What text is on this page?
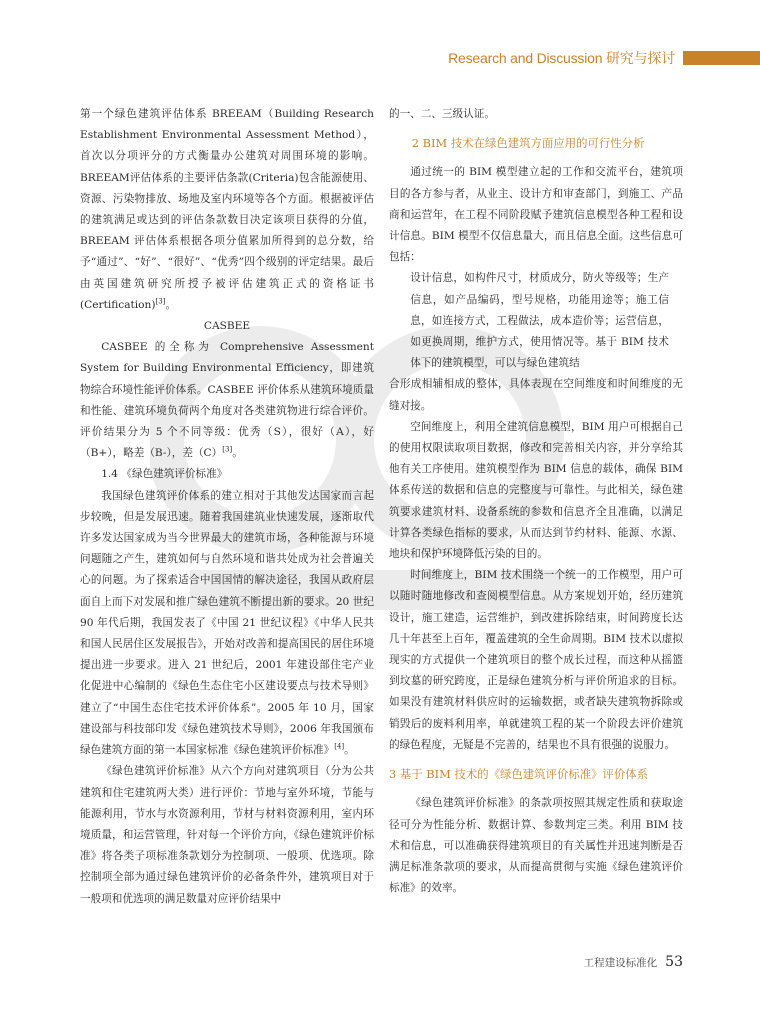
Research and Discussion 研究与探讨

第一个绿色建筑评估体系 BREEAM（Building Research Establishment Environmental Assessment Method），首次以分项评分的方式衡量办公建筑对周围环境的影响。BREEAM评估体系的主要评估条款(Criteria)包含能源使用、资源、污染物排放、场地及室内环境等各个方面。根据被评估的建筑满足或达到的评估条款数目决定该项目获得的分值，BREEAM 评估体系根据各项分值累加所得到的总分数，给予“通过”、“好”、“很好”、“优秀”四个级别的评定结果。最后由英国建筑研究所授予被评估建筑正式的资格证书(Certification)[3]。

CASBEE

CASBEE 的全称为 Comprehensive Assessment System for Building Environmental Efficiency，即建筑物综合环境性能评价体系。CASBEE 评价体系从建筑环境质量和性能、建筑环境负荷两个角度对各类建筑物进行综合评价。评价结果分为 5 个不同等级：优秀（S），很好（A），好（B+），略差（B-），差（C）[3]。

1.4 《绿色建筑评价标准》

我国绿色建筑评价体系的建立相对于其他发达国家而言起步较晚，但是发展迅速。随着我国建筑业快速发展，逐渐取代许多发达国家成为当今世界最大的建筑市场，各种能源与环境问题随之产生，建筑如何与自然环境和谐共处成为社会普遍关心的问题。为了探索适合中国国情的解决途径，我国从政府层面自上而下对发展和推广绿色建筑不断提出新的要求。20 世纪 90 年代后期，我国发表了《中国 21 世纪议程》《中华人民共和国人民居住区发展报告》，开始对改善和提高国民的居住环境提出进一步要求。进入 21 世纪后，2001 年建设部住宅产业化促进中心编制的《绿色生态住宅小区建设要点与技术导则》建立了“中国生态住宅技术评价体系”。2005 年 10 月，国家建设部与科技部印发《绿色建筑技术导则》，2006 年我国颁布绿色建筑方面的第一本国家标准《绿色建筑评价标准》[4]。

《绿色建筑评价标准》从六个方向对建筑项目（分为公共建筑和住宅建筑两大类）进行评价：节地与室外环境，节能与能源利用，节水与水资源利用，节材与材料资源利用，室内环境质量，和运营管理，针对每一个评价方向，《绿色建筑评价标准》将各类子项标准条款划分为控制项、一般项、优选项。除控制项全部为通过绿色建筑评价的必备条件外，建筑项目对于一般项和优选项的满足数量对应评价结果中

的一、二、三级认证。

2 BIM 技术在绿色建筑方面应用的可行性分析

通过统一的 BIM 模型建立起的工作和交流平台，建筑项目的各方参与者，从业主、设计方和审查部门，到施工、产品商和运营年，在工程不同阶段赋予建筑信息模型各种工程和设计信息。BIM 模型不仅信息量大，而且信息全面。这些信息可包括：

设计信息，如构件尺寸，材质成分，防火等级等；生产信息，如产品编码，型号规格，功能用途等；施工信息，如连接方式，工程做法，成本造价等；运营信息，如更换周期，维护方式，使用情况等。基于 BIM 技术体下的建筑模型，可以与绿色建筑结

合形成相辅相成的整体，具体表现在空间维度和时间维度的无缝对接。

空间维度上，利用全建筑信息模型，BIM 用户可根据自己的使用权限读取项目数据，修改和完善相关内容，并分享给其他有关工序使用。建筑模型作为 BIM 信息的载体，确保 BIM 体系传送的数据和信息的完整度与可靠性。与此相关，绿色建筑要求建筑材料、设备系统的参数和信息齐全且准确，以满足计算各类绿色指标的要求，从而达到节约材料、能源、水源、地块和保护环境降低污染的目的。

时间维度上，BIM 技术围绕一个统一的工作模型，用户可以随时随地修改和查阅模型信息。从方案规划开始，经历建筑设计，施工建造，运营维护，到改建拆除结束，时间跨度长达几十年甚至上百年，覆盖建筑的全生命周期。BIM 技术以虚拟现实的方式提供一个建筑项目的整个成长过程，而这种从摇篮到坟墓的研究跨度，正是绿色建筑分析与评价所追求的目标。如果没有建筑材料供应时的运输数据，或者缺失建筑物拆除或销毁后的废料利用率，单就建筑工程的某一个阶段去评价建筑的绿色程度，无疑是不完善的，结果也不具有很强的说服力。

3 基于 BIM 技术的《绿色建筑评价标准》评价体系

《绿色建筑评价标准》的条款项按照其规定性质和获取途径可分为性能分析、数据计算、参数判定三类。利用 BIM 技术和信息，可以准确获得建筑项目的有关属性并迅速判断是否满足标准条款项的要求，从而提高贯彻与实施《绿色建筑评价标准》的效率。

工程建设标准化 53
